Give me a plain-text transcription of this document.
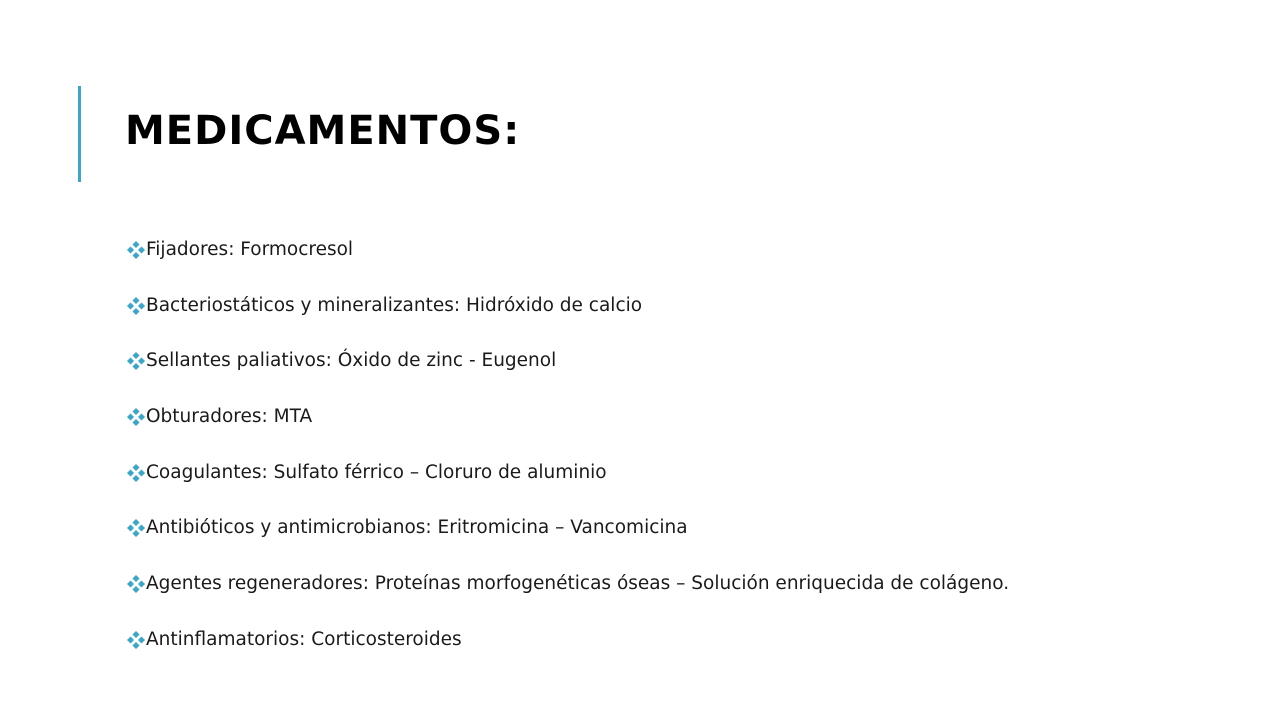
MEDICAMENTOS:
Fijadores: Formocresol
Bacteriostáticos y mineralizantes: Hidróxido de calcio
Sellantes paliativos: Óxido de zinc - Eugenol
Obturadores: MTA
Coagulantes: Sulfato férrico – Cloruro de aluminio
Antibióticos y antimicrobianos: Eritromicina – Vancomicina
Agentes regeneradores: Proteínas morfogenéticas óseas – Solución enriquecida de colágeno.
Antinflamatorios: Corticosteroides
